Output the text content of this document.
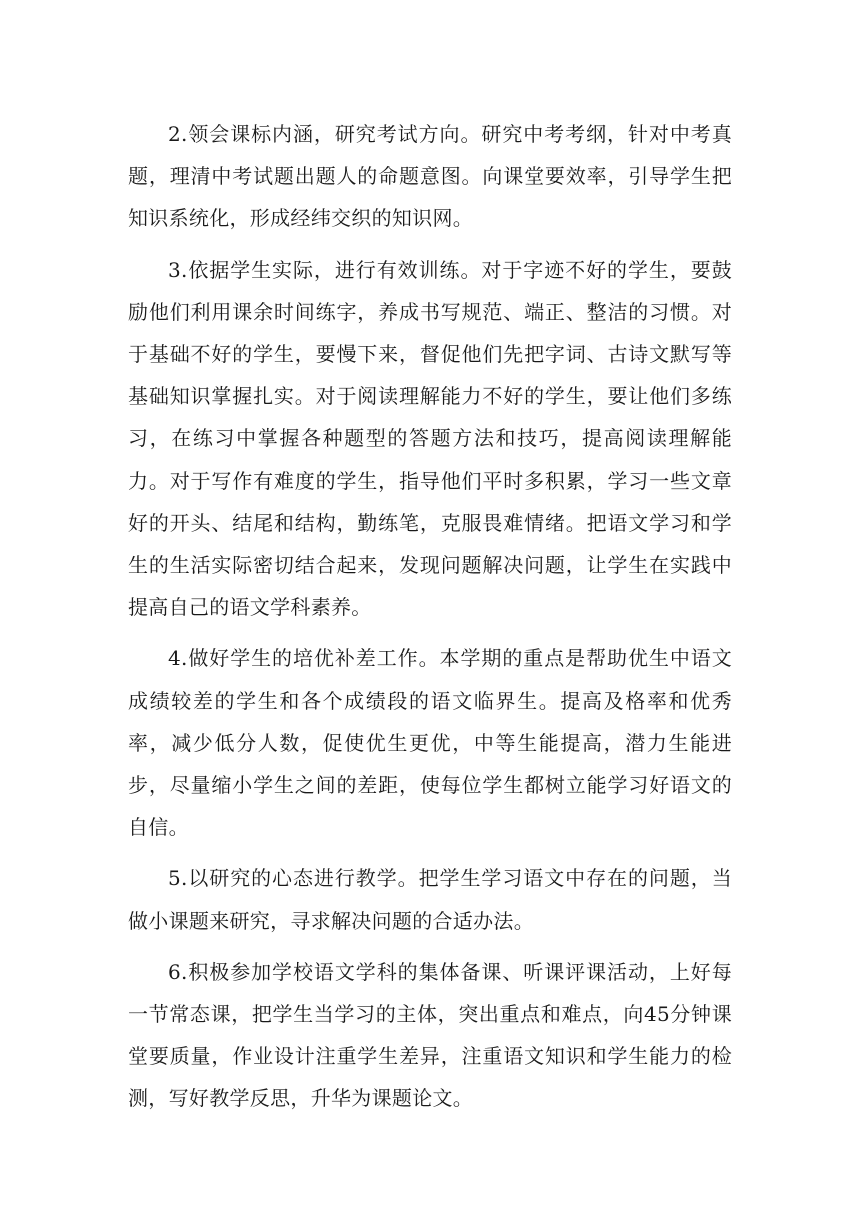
2.领会课标内涵，研究考试方向。研究中考考纲，针对中考真题，理清中考试题出题人的命题意图。向课堂要效率，引导学生把知识系统化，形成经纬交织的知识网。

3.依据学生实际，进行有效训练。对于字迹不好的学生，要鼓励他们利用课余时间练字，养成书写规范、端正、整洁的习惯。对于基础不好的学生，要慢下来，督促他们先把字词、古诗文默写等基础知识掌握扎实。对于阅读理解能力不好的学生，要让他们多练习，在练习中掌握各种题型的答题方法和技巧，提高阅读理解能力。对于写作有难度的学生，指导他们平时多积累，学习一些文章好的开头、结尾和结构，勤练笔，克服畏难情绪。把语文学习和学生的生活实际密切结合起来，发现问题解决问题，让学生在实践中提高自己的语文学科素养。

4.做好学生的培优补差工作。本学期的重点是帮助优生中语文成绩较差的学生和各个成绩段的语文临界生。提高及格率和优秀率，减少低分人数，促使优生更优，中等生能提高，潜力生能进步，尽量缩小学生之间的差距，使每位学生都树立能学习好语文的自信。

5.以研究的心态进行教学。把学生学习语文中存在的问题，当做小课题来研究，寻求解决问题的合适办法。

6.积极参加学校语文学科的集体备课、听课评课活动，上好每一节常态课，把学生当学习的主体，突出重点和难点，向45分钟课堂要质量，作业设计注重学生差异，注重语文知识和学生能力的检测，写好教学反思，升华为课题论文。
